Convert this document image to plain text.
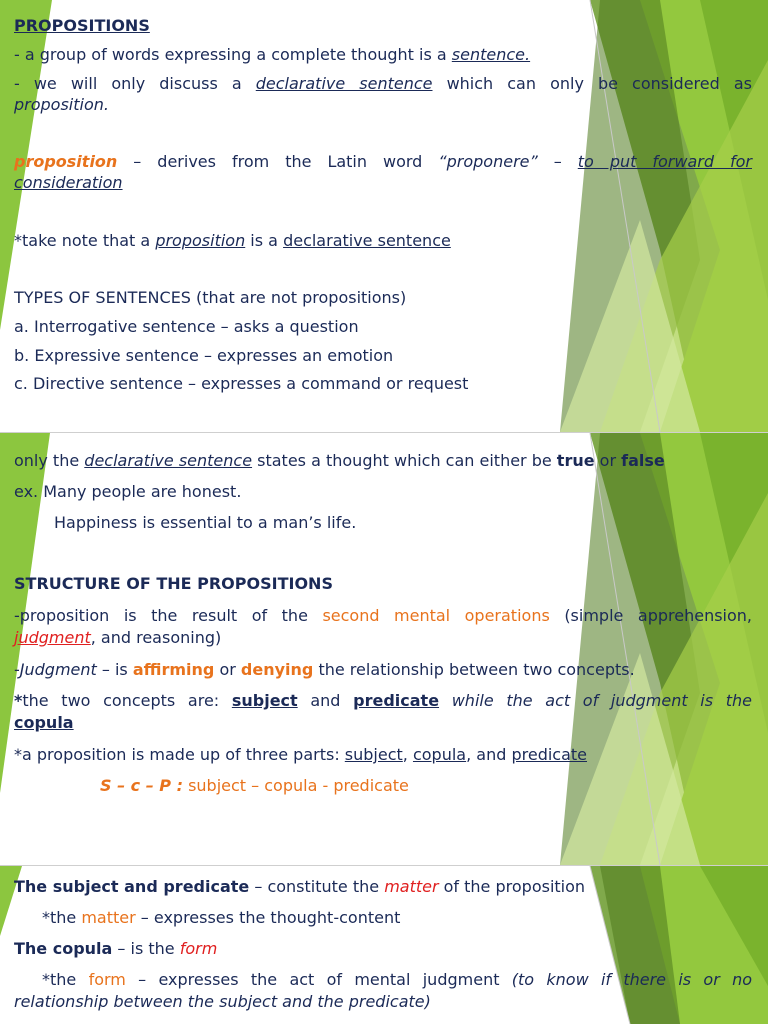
PROPOSITIONS
- a group of words expressing a complete thought is a sentence.
- we will only discuss a declarative sentence which can only be considered as
proposition.
proposition – derives from the Latin word “proponere” – to put forward for
consideration
*take note that a proposition is a declarative sentence
TYPES OF SENTENCES (that are not propositions)
a. Interrogative sentence – asks a question
b. Expressive sentence – expresses an emotion
c. Directive sentence – expresses a command or request
only the declarative sentence states a thought which can either be true or false
ex. Many people are honest.
Happiness is essential to a man’s life.
STRUCTURE OF THE PROPOSITIONS
-proposition is the result of the second mental operations (simple apprehension,
judgment, and reasoning)
-Judgment – is affirming or denying the relationship between two concepts.
*the two concepts are: subject and predicate while the act of judgment is the
copula
*a proposition is made up of three parts: subject, copula, and predicate
S – c – P : subject – copula - predicate
The subject and predicate – constitute the matter of the proposition
*the matter – expresses the thought-content
The copula – is the form
*the form – expresses the act of mental judgment (to know if there is or no
relationship between the subject and the predicate)
